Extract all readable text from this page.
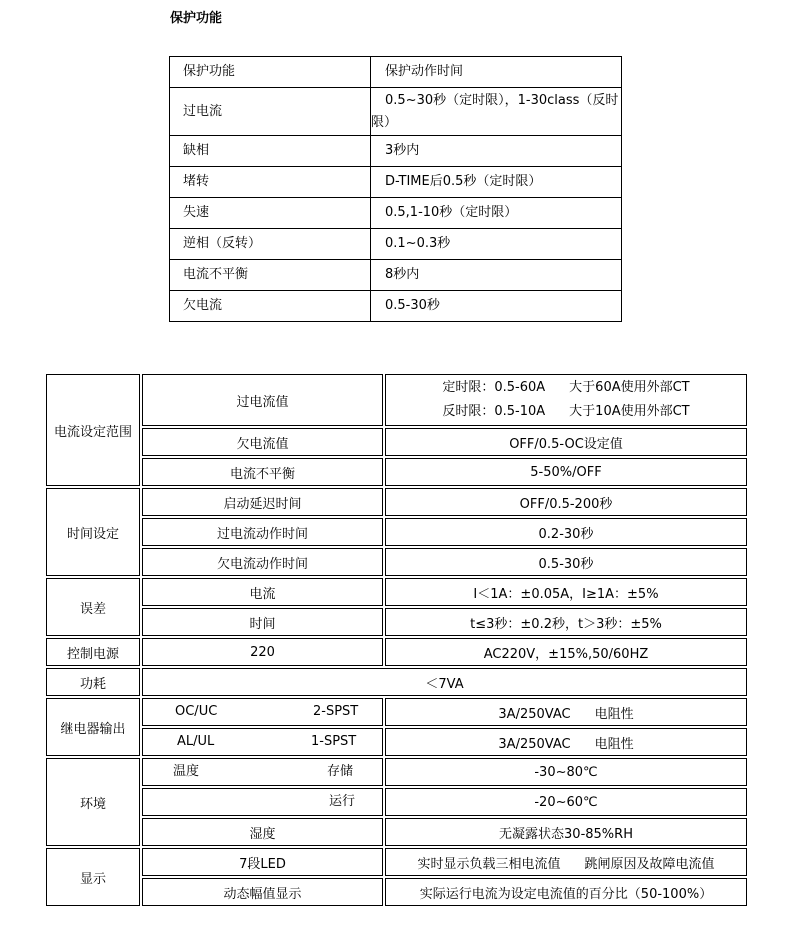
保护功能
保护功能	保护动作时间
过电流	0.5~30秒（定时限），1-30class（反时限）
缺相	3秒内
堵转	D-TIME后0.5秒（定时限）
失速	0.5,1-10秒（定时限）
逆相（反转）	0.1~0.3秒
电流不平衡	8秒内
欠电流	0.5-30秒
电流设定范围	过电流值	定时限：0.5-60A 大于60A使用外部CT
反时限：0.5-10A 大于10A使用外部CT

	欠电流值	OFF/0.5-OC设定值
	电流不平衡	5-50%/OFF
时间设定	启动延迟时间	OFF/0.5-200秒
	过电流动作时间	0.2-30秒
	欠电流动作时间	0.5-30秒
误差	电流	I＜1A：±0.05A，I≥1A：±5%
	时间	t≤3秒：±0.2秒，t＞3秒：±5%
控制电源	220	AC220V，±15%,50/60HZ
功耗	＜7VA	
继电器输出	OC/UC 2-SPST	3A/250VAC 电阻性

	AL/UL 1-SPST	3A/250VAC 电阻性
环境	温度 存储	-30~80℃

	运行	-20~60℃
	湿度	无凝露状态30-85%RH
显示	7段LED	实时显示负载三相电流值 跳闸原因及故障电流值
	动态幅值显示	实际运行电流为设定电流值的百分比（50-100%）
